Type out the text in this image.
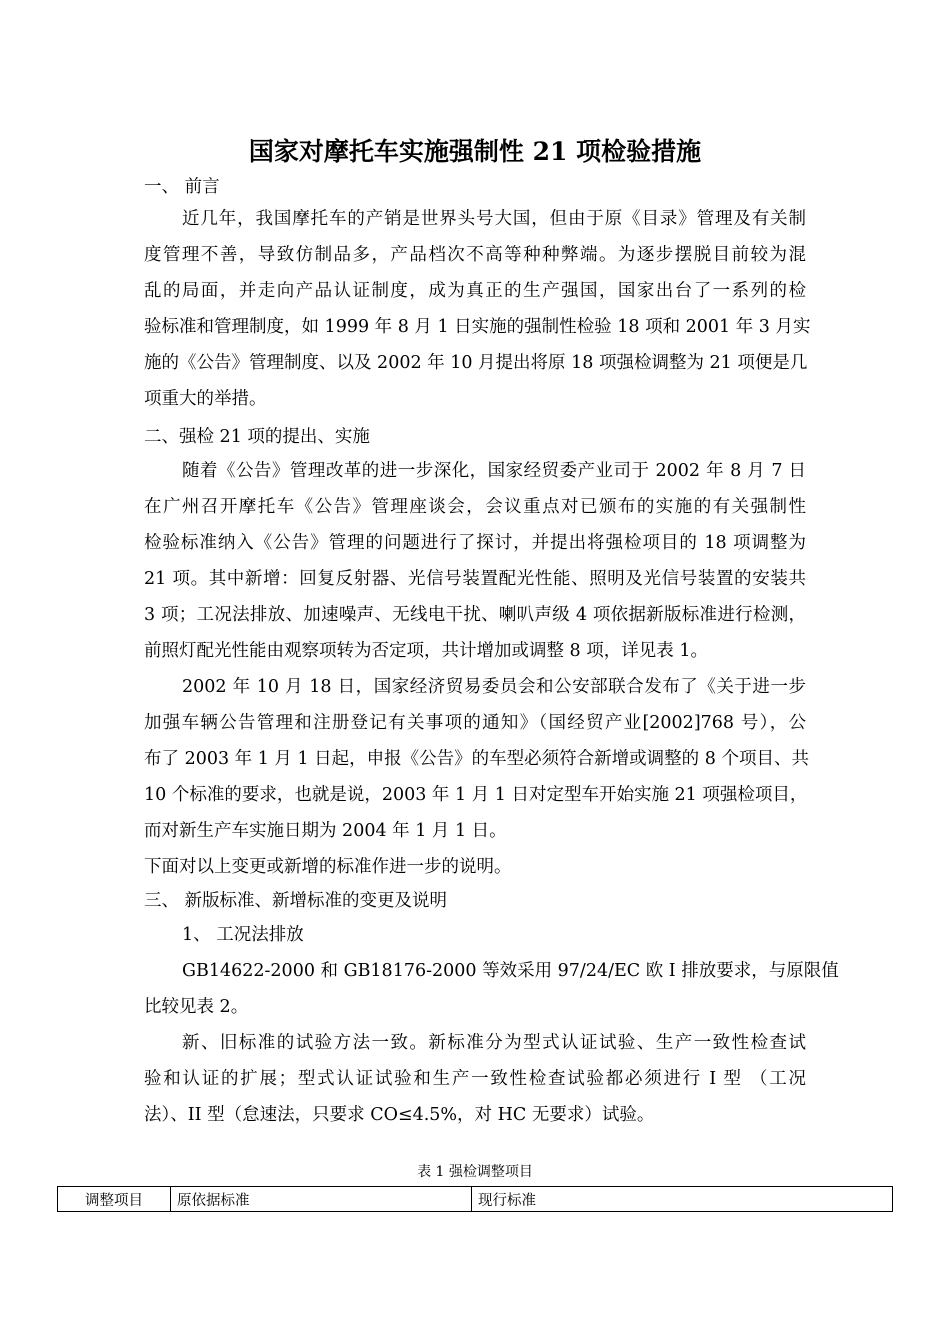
国家对摩托车实施强制性 21 项检验措施
一、 前言
近几年，我国摩托车的产销是世界头号大国，但由于原《目录》管理及有关制
度管理不善，导致仿制品多，产品档次不高等种种弊端。为逐步摆脱目前较为混
乱的局面，并走向产品认证制度，成为真正的生产强国，国家出台了一系列的检
验标准和管理制度，如 1999 年 8 月 1 日实施的强制性检验 18 项和 2001 年 3 月实
施的《公告》管理制度、以及 2002 年 10 月提出将原 18 项强检调整为 21 项便是几
项重大的举措。
二、强检 21 项的提出、实施
随着《公告》管理改革的进一步深化，国家经贸委产业司于 2002 年 8 月 7 日
在广州召开摩托车《公告》管理座谈会，会议重点对已颁布的实施的有关强制性
检验标准纳入《公告》管理的问题进行了探讨，并提出将强检项目的 18 项调整为
21 项。其中新增：回复反射器、光信号装置配光性能、照明及光信号装置的安装共
3 项；工况法排放、加速噪声、无线电干扰、喇叭声级 4 项依据新版标准进行检测，
前照灯配光性能由观察项转为否定项，共计增加或调整 8 项，详见表 1。
2002 年 10 月 18 日，国家经济贸易委员会和公安部联合发布了《关于进一步
加强车辆公告管理和注册登记有关事项的通知》（国经贸产业[2002]768 号），公
布了 2003 年 1 月 1 日起，申报《公告》的车型必须符合新增或调整的 8 个项目、共
10 个标准的要求，也就是说，2003 年 1 月 1 日对定型车开始实施 21 项强检项目，
而对新生产车实施日期为 2004 年 1 月 1 日。
下面对以上变更或新增的标准作进一步的说明。
三、 新版标准、新增标准的变更及说明
1、 工况法排放
GB14622-2000 和 GB18176-2000 等效采用 97/24/EC 欧 I 排放要求，与原限值
比较见表 2。
新、旧标准的试验方法一致。新标准分为型式认证试验、生产一致性检查试
验和认证的扩展；型式认证试验和生产一致性检查试验都必须进行 I 型 （工况
法）、II 型（怠速法，只要求 CO≤4.5%，对 HC 无要求）试验。
表 1 强检调整项目
调整项目	原依据标准	现行标准
